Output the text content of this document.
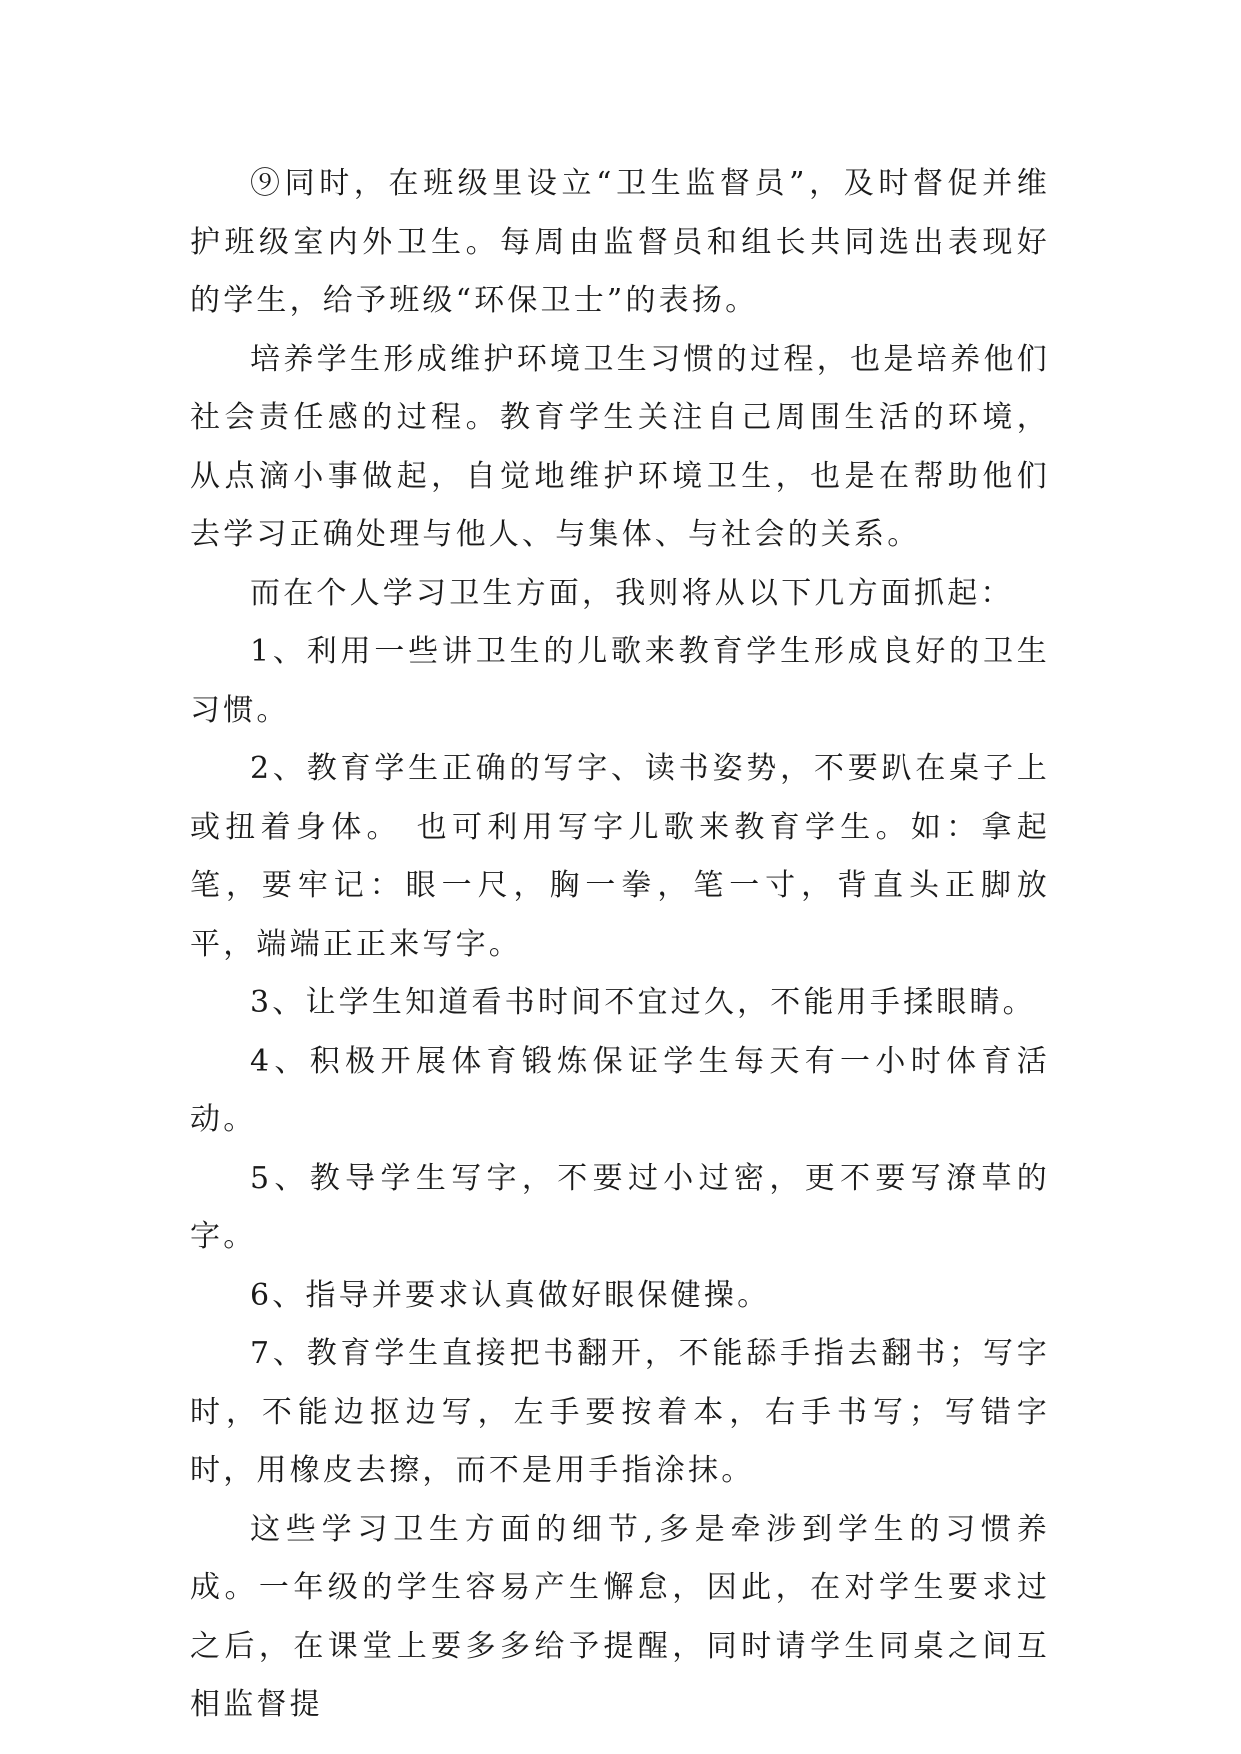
⑨同时，在班级里设立“卫生监督员”，及时督促并维护班级室内外卫生。每周由监督员和组长共同选出表现好的学生，给予班级“环保卫士”的表扬。

培养学生形成维护环境卫生习惯的过程，也是培养他们社会责任感的过程。教育学生关注自己周围生活的环境，从点滴小事做起，自觉地维护环境卫生，也是在帮助他们去学习正确处理与他人、与集体、与社会的关系。

而在个人学习卫生方面，我则将从以下几方面抓起：

1、利用一些讲卫生的儿歌来教育学生形成良好的卫生习惯。

2、教育学生正确的写字、读书姿势，不要趴在桌子上或扭着身体。 也可利用写字儿歌来教育学生。如：拿起笔，要牢记：眼一尺，胸一拳，笔一寸，背直头正脚放平，端端正正来写字。

3、让学生知道看书时间不宜过久，不能用手揉眼睛。

4、积极开展体育锻炼保证学生每天有一小时体育活动。

5、教导学生写字，不要过小过密，更不要写潦草的字。

6、指导并要求认真做好眼保健操。

7、教育学生直接把书翻开，不能舔手指去翻书；写字时，不能边抠边写，左手要按着本，右手书写；写错字时，用橡皮去擦，而不是用手指涂抹。

这些学习卫生方面的细节,多是牵涉到学生的习惯养成。一年级的学生容易产生懈怠，因此，在对学生要求过之后，在课堂上要多多给予提醒，同时请学生同桌之间互相监督提
